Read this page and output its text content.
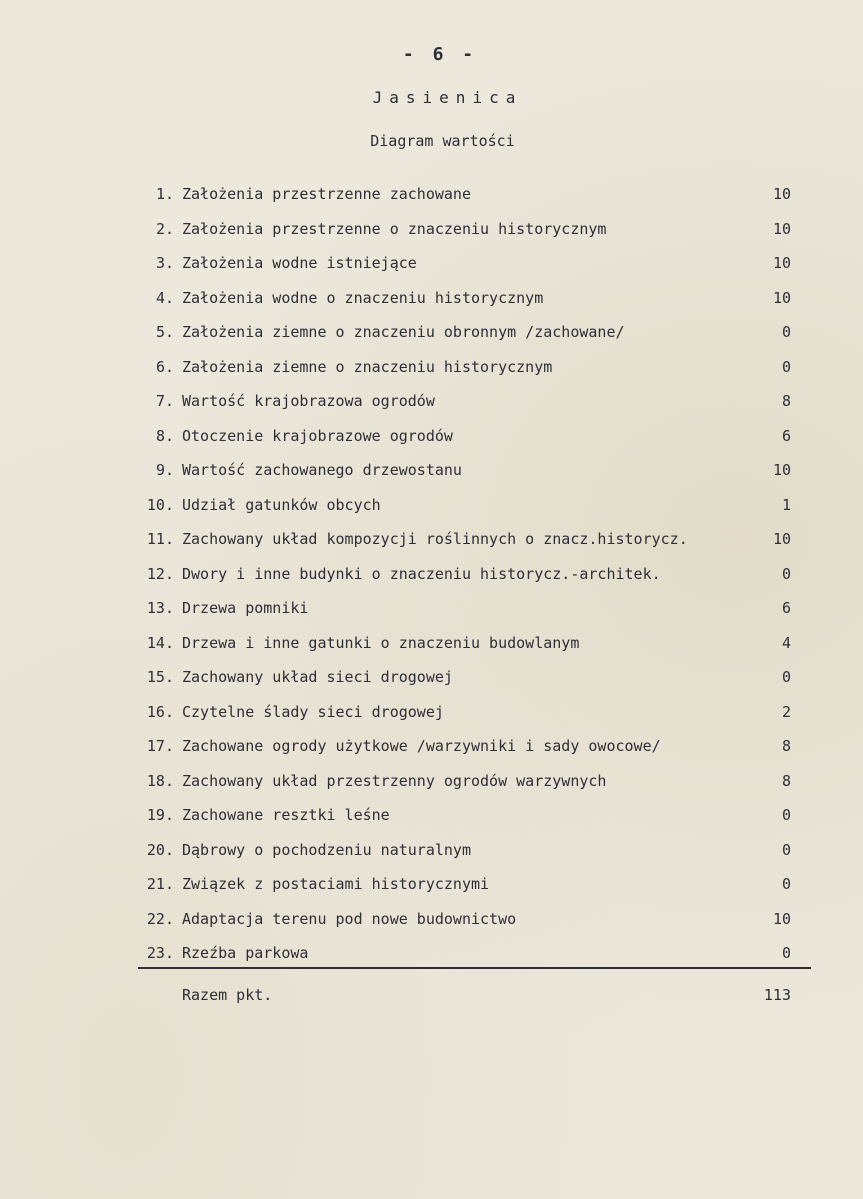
- 6 -
Jasienica
Diagram wartości
1. Założenia przestrzenne zachowane	10
2. Założenia przestrzenne o znaczeniu historycznym	10
3. Założenia wodne istniejące	10
4. Założenia wodne o znaczeniu historycznym	10
5. Założenia ziemne o znaczeniu obronnym /zachowane/	0
6. Założenia ziemne o znaczeniu historycznym	0
7. Wartość krajobrazowa ogrodów	8
8. Otoczenie krajobrazowe ogrodów	6
9. Wartość zachowanego drzewostanu	10
10. Udział gatunków obcych	1
11. Zachowany układ kompozycji roślinnych o znacz.historycz.	10
12. Dwory i inne budynki o znaczeniu historycz.-architek.	0
13. Drzewa pomniki	6
14. Drzewa i inne gatunki o znaczeniu budowlanym	4
15. Zachowany układ sieci drogowej	0
16. Czytelne ślady sieci drogowej	2
17. Zachowane ogrody użytkowe /warzywniki i sady owocowe/	8
18. Zachowany układ przestrzenny ogrodów warzywnych	8
19. Zachowane resztki leśne	0
20. Dąbrowy o pochodzeniu naturalnym	0
21. Związek z postaciami historycznymi	0
22. Adaptacja terenu pod nowe budownictwo	10
23. Rzeźba parkowa	0
Razem pkt.	113
